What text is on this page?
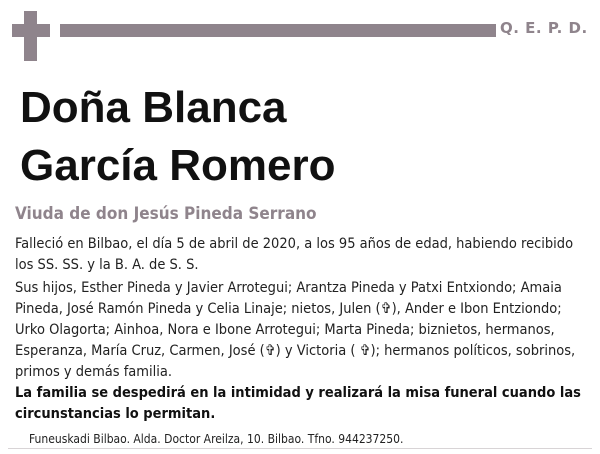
Q. E. P. D.
Doña Blanca
García Romero
Viuda de don Jesús Pineda Serrano
Falleció en Bilbao, el día 5 de abril de 2020, a los 95 años de edad, habiendo recibido los SS. SS. y la B. A. de S. S.
Sus hijos, Esther Pineda y Javier Arrotegui; Arantza Pineda y Patxi Entxiondo; Amaia Pineda, José Ramón Pineda y Celia Linaje; nietos, Julen (✞), Ander e Ibon Entziondo; Urko Olagorta; Ainhoa, Nora e Ibone Arrotegui; Marta Pineda; biznietos, hermanos, Esperanza, María Cruz, Carmen, José (✞) y Victoria ( ✞); hermanos políticos, sobrinos, primos y demás familia.
La familia se despedirá en la intimidad y realizará la misa funeral cuando las circunstancias lo permitan.
Funeuskadi Bilbao. Alda. Doctor Areilza, 10. Bilbao. Tfno. 944237250.
